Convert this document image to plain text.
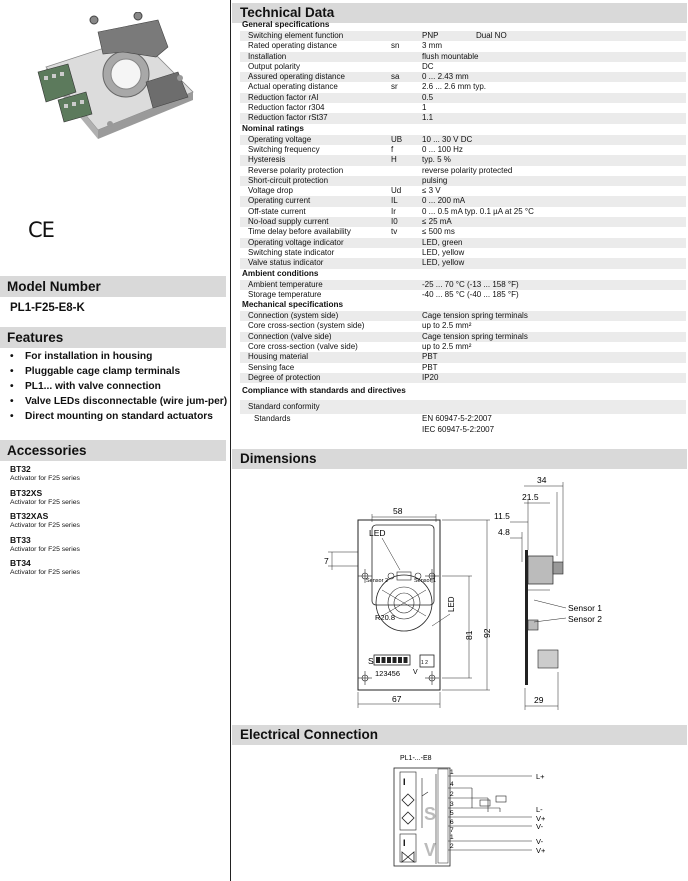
CE
Model Number
PL1-F25-E8-K
Features
• For installation in housing
• Pluggable cage clamp terminals
• PL1... with valve connection
• Valve LEDs disconnectable (wire jum-per)
• Direct mounting on standard actuators
Accessories
BT32
Activator for F25 series
BT32XS
Activator for F25 series
BT32XAS
Activator for F25 series
BT33
Activator for F25 series
BT34
Activator for F25 series
Technical Data
General specifications
Switching element function	PNP	Dual NO
Rated operating distance	sn	3 mm
Installation	flush mountable
Output polarity	DC
Assured operating distance	sa	0 ... 2.43 mm
Actual operating distance	sr	2.6 ... 2.6 mm typ.
Reduction factor rAl	0.5
Reduction factor r304	1
Reduction factor rSt37	1.1
Nominal ratings
Operating voltage	UB 10 ... 30 V DC
Switching frequency	f	0 ... 100 Hz
Hysteresis	H	typ. 5 %
Reverse polarity protection	reverse polarity protected
Short-circuit protection	pulsing
Voltage drop	Ud	≤ 3 V
Operating current	IL	0 ... 200 mA
Off-state current	Ir	0 ... 0.5 mA typ. 0.1 µA at 25 °C
No-load supply current	I0	≤ 25 mA
Time delay before availability	tv	≤ 500 ms
Operating voltage indicator	LED, green
Switching state indicator	LED, yellow
Valve status indicator	LED, yellow
Ambient conditions
Ambient temperature	-25 ... 70 °C (-13 ... 158 °F)
Storage temperature	-40 ... 85 °C (-40 ... 185 °F)
Mechanical specifications
Connection (system side)	Cage tension spring terminals
Core cross-section (system side)	up to 2.5 mm²
Connection (valve side)	Cage tension spring terminals
Core cross-section (valve side)	up to 2.5 mm²
Housing material	PBT
Sensing face	PBT
Degree of protection	IP20
Compliance with standards and directives
Standard conformity
Standards	EN 60947-5-2:2007
IEC 60947-5-2:2007
Dimensions
S
V
123456
1 2
Sensor 2	Sensor 1
R20.8
LED
LED
58
67
81 92
7
34
21.5
11.5
4.8
29
Sensor 1
Sensor 2
Electrical Connection
PL1-...-E8
I
I
S
V
1
4
2
3
5
6
7
1
2
L+
L-
V+
V-
V-
V+
